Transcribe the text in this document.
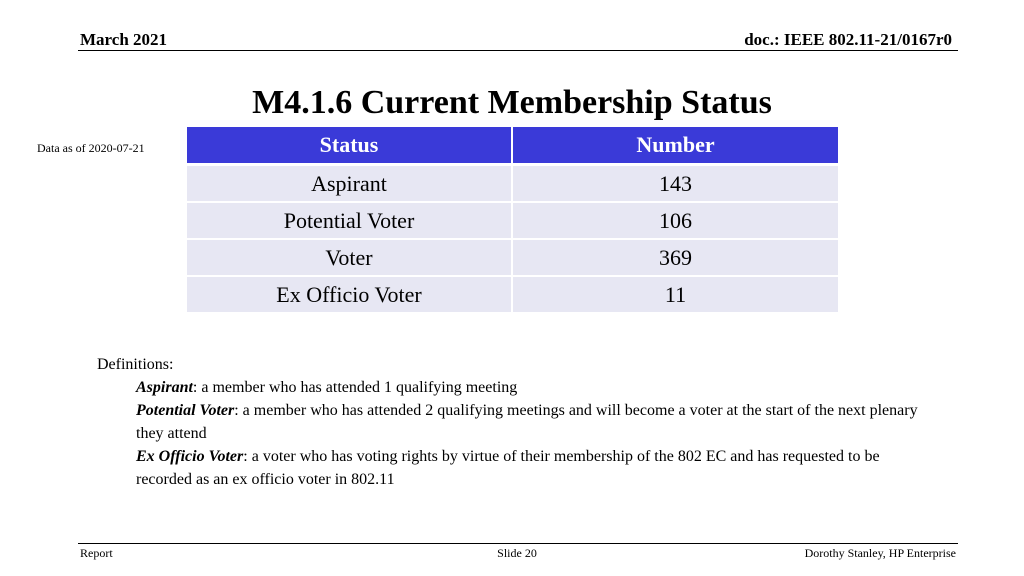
March 2021	doc.: IEEE 802.11-21/0167r0
M4.1.6 Current Membership Status
Data as of 2020-07-21	Status	Number
Aspirant	143
Potential Voter	106
Voter	369
Ex Officio Voter	11
Definitions:
Aspirant: a member who has attended 1 qualifying meeting
Potential Voter: a member who has attended 2 qualifying meetings and will become a voter at the start of the next plenary they attend
Ex Officio Voter: a voter who has voting rights by virtue of their membership of the 802 EC and has requested to be recorded as an ex officio voter in 802.11
Report	Slide 20	Dorothy Stanley, HP Enterprise
